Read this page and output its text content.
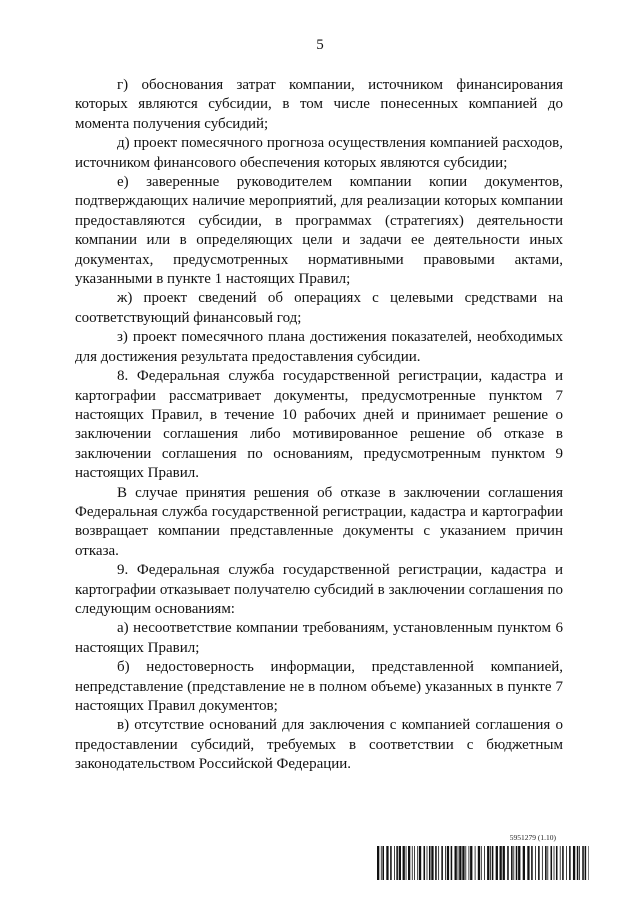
5

г) обоснования затрат компании, источником финансирования которых являются субсидии, в том числе понесенных компанией до момента получения субсидий;

д) проект помесячного прогноза осуществления компанией расходов, источником финансового обеспечения которых являются субсидии;

е) заверенные руководителем компании копии документов, подтверждающих наличие мероприятий, для реализации которых компании предоставляются субсидии, в программах (стратегиях) деятельности компании или в определяющих цели и задачи ее деятельности иных документах, предусмотренных нормативными правовыми актами, указанными в пункте 1 настоящих Правил;

ж) проект сведений об операциях с целевыми средствами на соответствующий финансовый год;

з) проект помесячного плана достижения показателей, необходимых для достижения результата предоставления субсидии.

8. Федеральная служба государственной регистрации, кадастра и картографии рассматривает документы, предусмотренные пунктом 7 настоящих Правил, в течение 10 рабочих дней и принимает решение о заключении соглашения либо мотивированное решение об отказе в заключении соглашения по основаниям, предусмотренным пунктом 9 настоящих Правил.

В случае принятия решения об отказе в заключении соглашения Федеральная служба государственной регистрации, кадастра и картографии возвращает компании представленные документы с указанием причин отказа.

9. Федеральная служба государственной регистрации, кадастра и картографии отказывает получателю субсидий в заключении соглашения по следующим основаниям:

а) несоответствие компании требованиям, установленным пунктом 6 настоящих Правил;

б) недостоверность информации, представленной компанией, непредставление (представление не в полном объеме) указанных в пункте 7 настоящих Правил документов;

в) отсутствие оснований для заключения с компанией соглашения о предоставлении субсидий, требуемых в соответствии с бюджетным законодательством Российской Федерации.

5951279 (1.10)
